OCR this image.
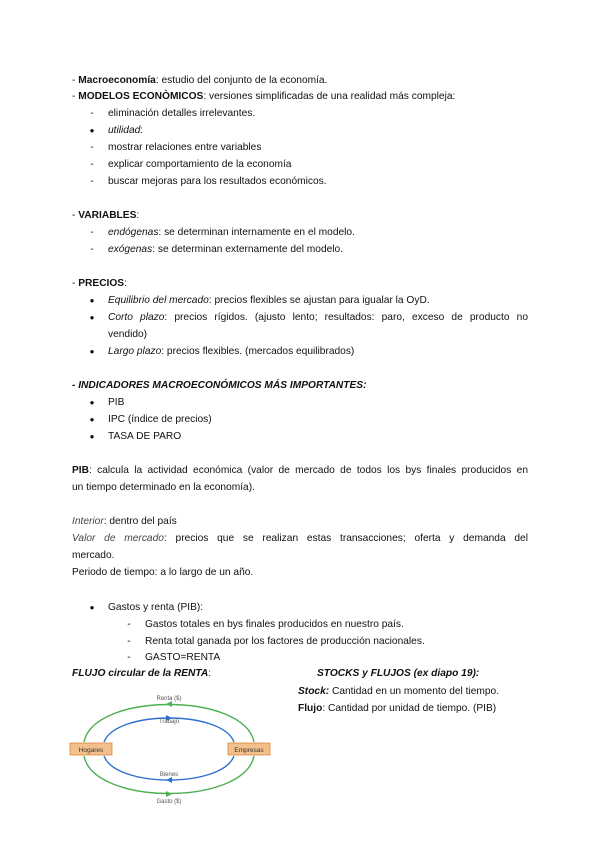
- Macroeconomía: estudio del conjunto de la economía.
- MODELOS ECONÒMICOS: versiones simplificadas de una realidad más compleja:
-	eliminación detalles irrelevantes.
● utilidad:
-	mostrar relaciones entre variables
-	explicar comportamiento de la economía
-	buscar mejoras para los resultados económicos.
- VARIABLES:
-	endógenas: se determinan internamente en el modelo.
-	exógenas: se determinan externamente del modelo.
- PRECIOS:
● Equilibrio del mercado: precios flexibles se ajustan para igualar la OyD.
● Corto plazo: precios rígidos. (ajusto lento; resultados: paro, exceso de producto no
vendido)
● Largo plazo: precios flexibles. (mercados equilibrados)
- INDICADORES MACROECONÓMICOS MÁS IMPORTANTES:
● PIB
● IPC (índice de precios)
● TASA DE PARO
PIB: calcula la actividad económica (valor de mercado de todos los bys finales producidos en
un tiempo determinado en la economía).
Interior: dentro del país
Valor de mercado: precios que se realizan estas transacciones; oferta y demanda del
mercado.
Periodo de tiempo: a lo largo de un año.
● Gastos y renta (PIB):
-	Gastos totales en bys finales producidos en nuestro país.
-	Renta total ganada por los factores de producción nacionales.
-	GASTO=RENTA
FLUJO circular de la RENTA:	STOCKS y FLUJOS (ex diapo 19):
Stock: Cantidad en un momento del tiempo.
Flujo: Cantidad por unidad de tiempo. (PIB)
Hogares	Empresas
Renta ($)
Trabajo
Bienes
Gasto ($)
